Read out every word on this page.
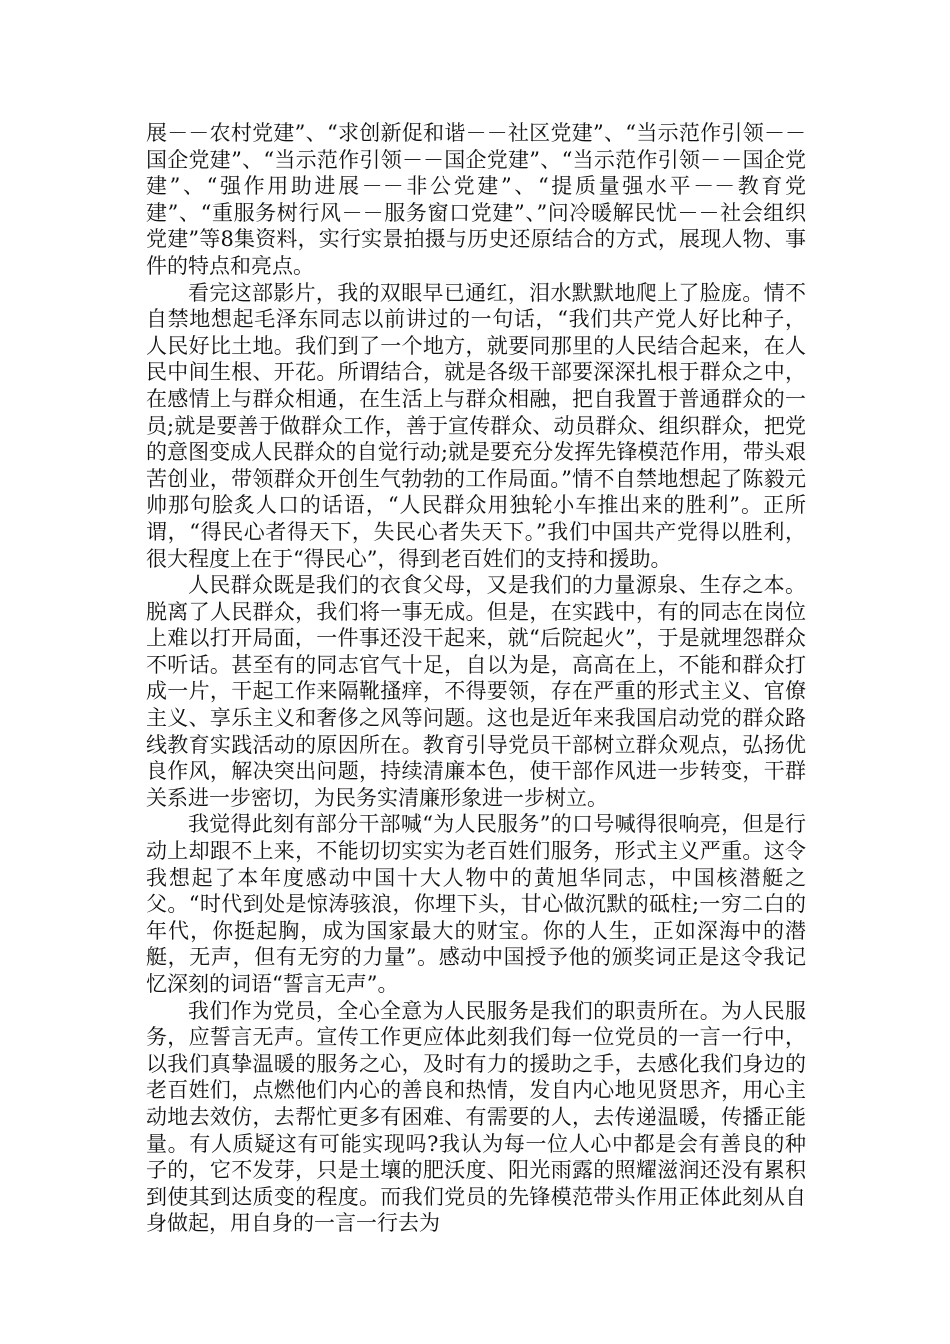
展－－农村党建”、“求创新促和谐－－社区党建”、“当示范作引领－－国企党建”、“当示范作引领－－国企党建”、“当示范作引领－－国企党建”、“强作用助进展－－非公党建”、“提质量强水平－－教育党建”、“重服务树行风－－服务窗口党建”、”问冷暖解民忧－－社会组织党建”等8集资料，实行实景拍摄与历史还原结合的方式，展现人物、事件的特点和亮点。

看完这部影片，我的双眼早已通红，泪水默默地爬上了脸庞。情不自禁地想起毛泽东同志以前讲过的一句话，“我们共产党人好比种子，人民好比土地。我们到了一个地方，就要同那里的人民结合起来，在人民中间生根、开花。所谓结合，就是各级干部要深深扎根于群众之中，在感情上与群众相通，在生活上与群众相融，把自我置于普通群众的一员;就是要善于做群众工作，善于宣传群众、动员群众、组织群众，把党的意图变成人民群众的自觉行动;就是要充分发挥先锋模范作用，带头艰苦创业，带领群众开创生气勃勃的工作局面。”情不自禁地想起了陈毅元帅那句脍炙人口的话语，“人民群众用独轮小车推出来的胜利”。正所谓，“得民心者得天下，失民心者失天下。”我们中国共产党得以胜利，很大程度上在于“得民心”，得到老百姓们的支持和援助。

人民群众既是我们的衣食父母，又是我们的力量源泉、生存之本。脱离了人民群众，我们将一事无成。但是，在实践中，有的同志在岗位上难以打开局面，一件事还没干起来，就“后院起火”，于是就埋怨群众不听话。甚至有的同志官气十足，自以为是，高高在上，不能和群众打成一片，干起工作来隔靴搔痒，不得要领，存在严重的形式主义、官僚主义、享乐主义和奢侈之风等问题。这也是近年来我国启动党的群众路线教育实践活动的原因所在。教育引导党员干部树立群众观点，弘扬优良作风，解决突出问题，持续清廉本色，使干部作风进一步转变，干群关系进一步密切，为民务实清廉形象进一步树立。

我觉得此刻有部分干部喊“为人民服务”的口号喊得很响亮，但是行动上却跟不上来，不能切切实实为老百姓们服务，形式主义严重。这令我想起了本年度感动中国十大人物中的黄旭华同志，中国核潜艇之父。“时代到处是惊涛骇浪，你埋下头，甘心做沉默的砥柱;一穷二白的年代，你挺起胸，成为国家最大的财宝。你的人生，正如深海中的潜艇，无声，但有无穷的力量”。感动中国授予他的颁奖词正是这令我记忆深刻的词语“誓言无声”。

我们作为党员，全心全意为人民服务是我们的职责所在。为人民服务，应誓言无声。宣传工作更应体此刻我们每一位党员的一言一行中，以我们真挚温暖的服务之心，及时有力的援助之手，去感化我们身边的老百姓们，点燃他们内心的善良和热情，发自内心地见贤思齐，用心主动地去效仿，去帮忙更多有困难、有需要的人，去传递温暖，传播正能量。有人质疑这有可能实现吗?我认为每一位人心中都是会有善良的种子的，它不发芽，只是土壤的肥沃度、阳光雨露的照耀滋润还没有累积到使其到达质变的程度。而我们党员的先锋模范带头作用正体此刻从自身做起，用自身的一言一行去为
